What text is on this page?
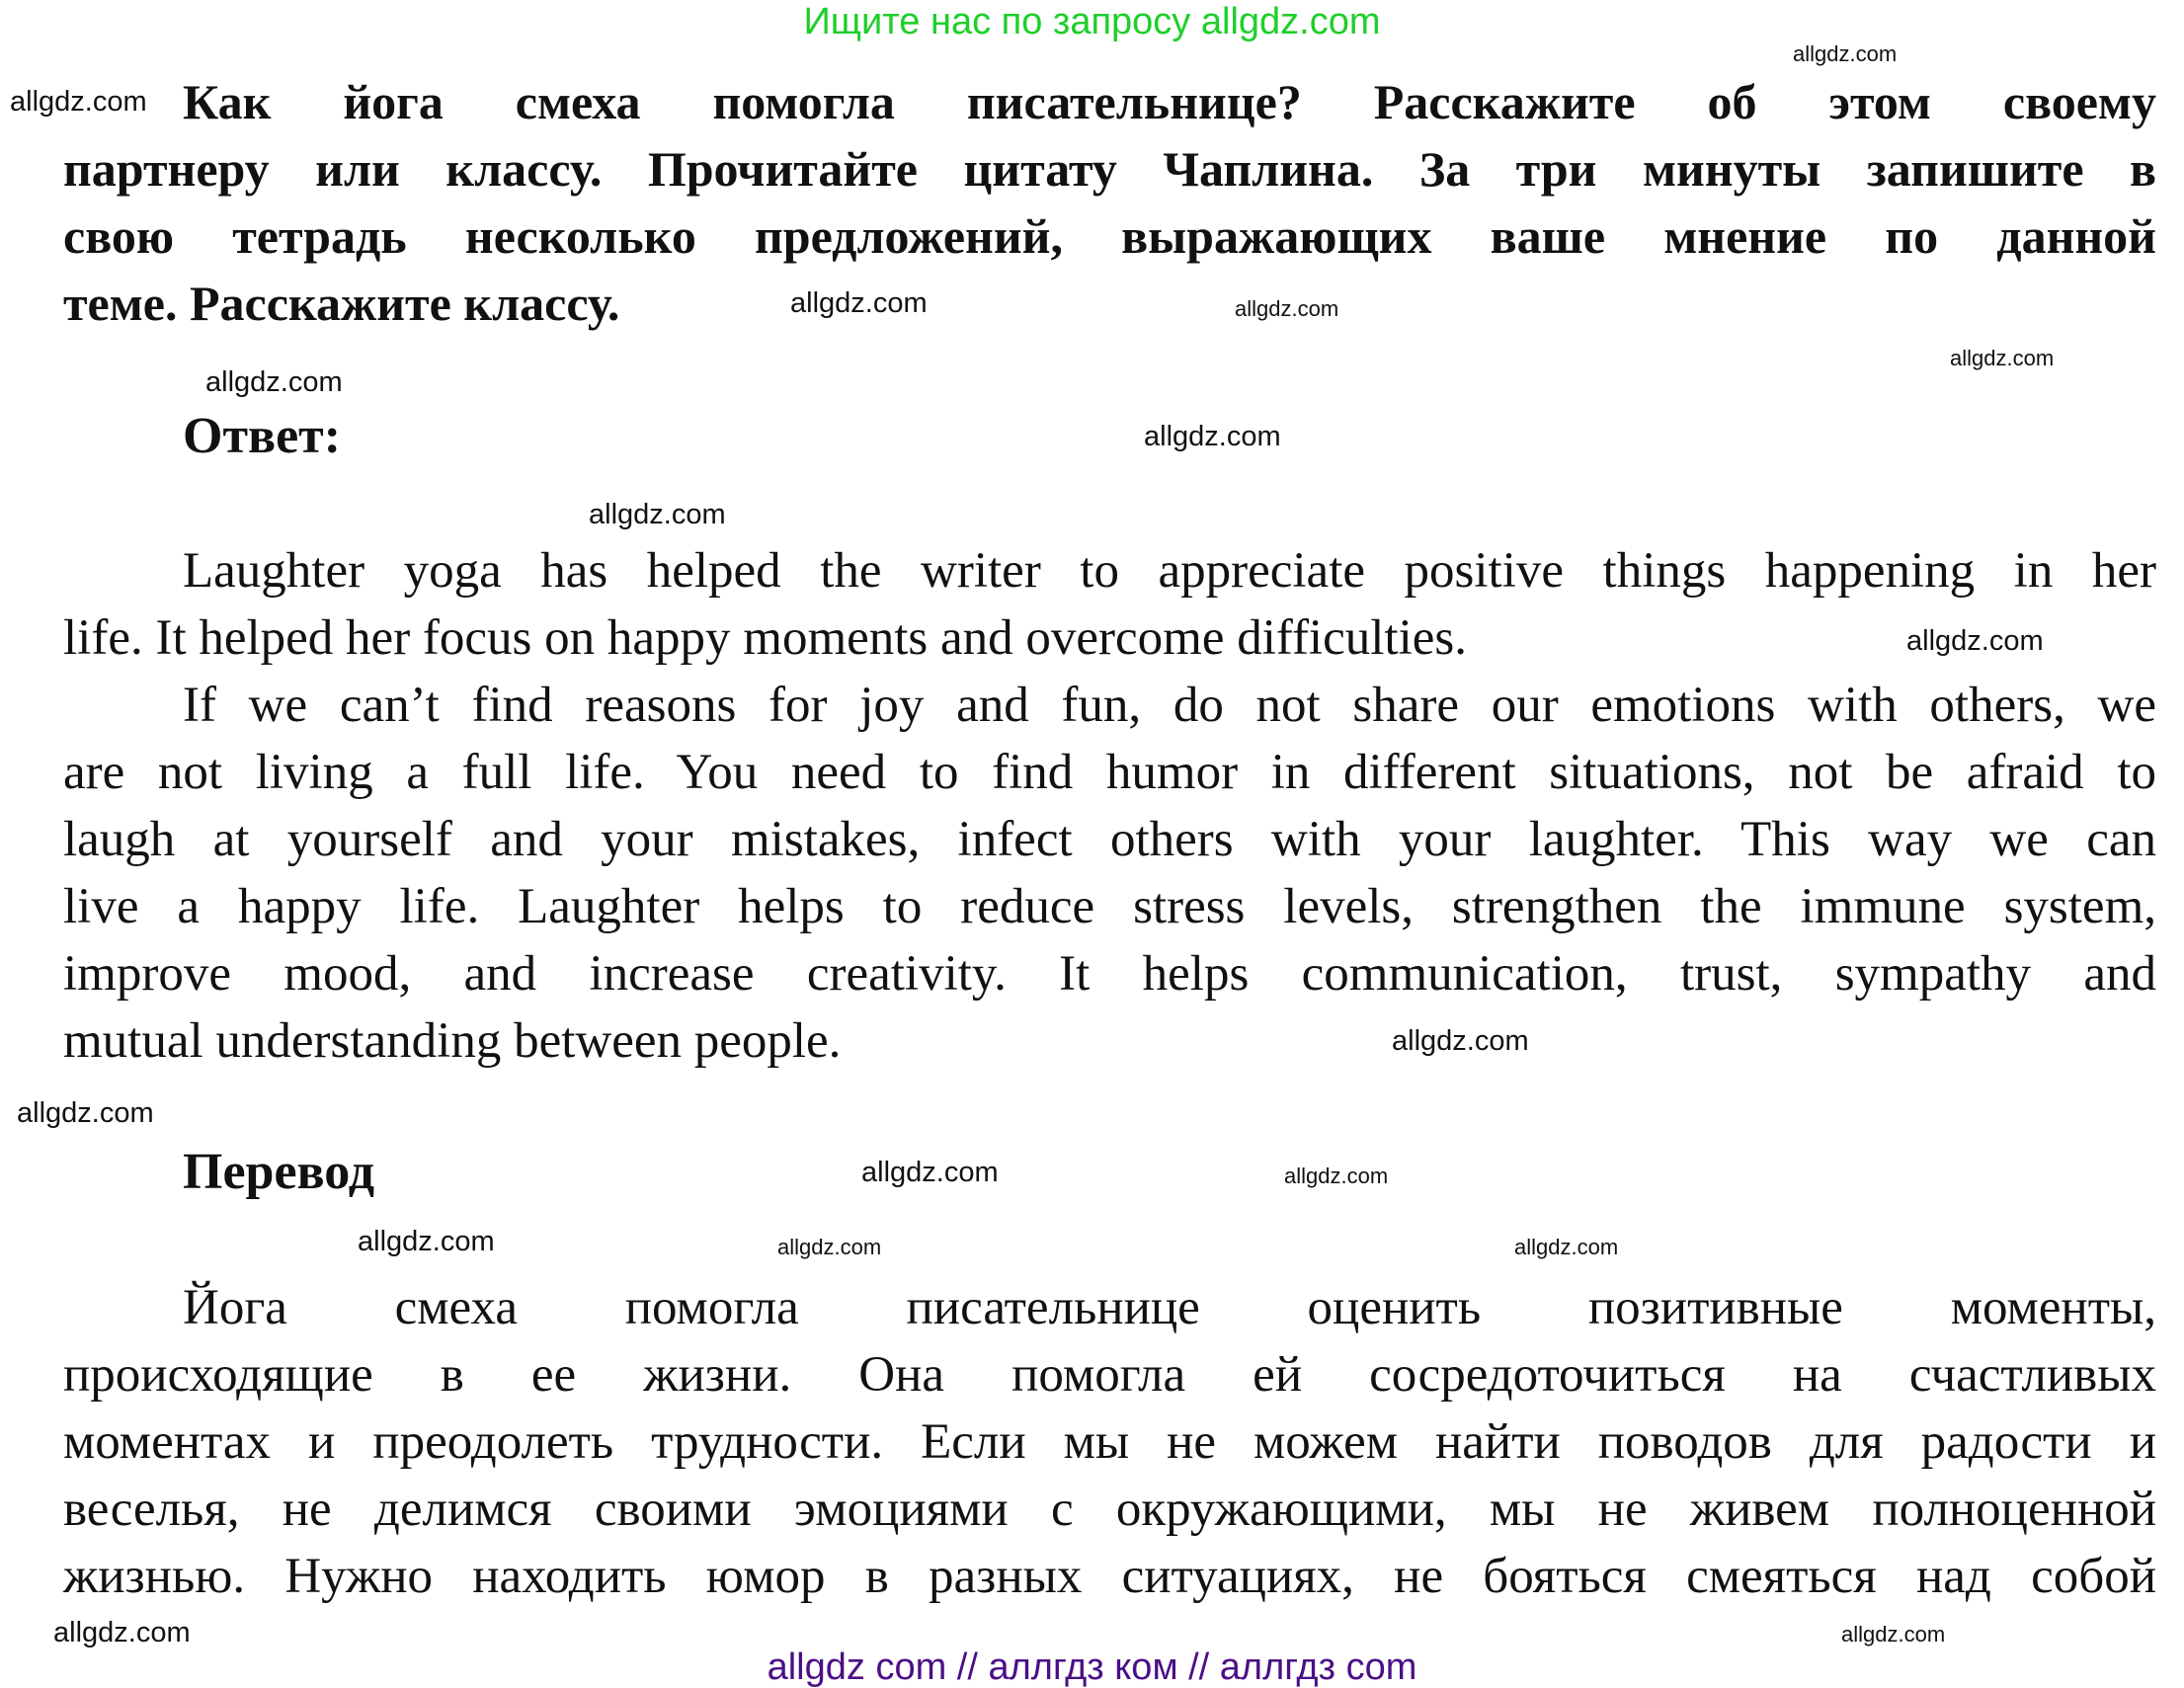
Ищите нас по запросу allgdz.com
Как йога смеха помогла писательнице? Расскажите об этом своему
партнеру или классу. Прочитайте цитату Чаплина. За три минуты запишите в
свою тетрадь несколько предложений, выражающих ваше мнение по данной
теме. Расскажите классу.
Ответ:
Laughter yoga has helped the writer to appreciate positive things happening in her
life. It helped her focus on happy moments and overcome difficulties.
If we can’t find reasons for joy and fun, do not share our emotions with others, we
are not living a full life. You need to find humor in different situations, not be afraid to
laugh at yourself and your mistakes, infect others with your laughter. This way we can
live a happy life. Laughter helps to reduce stress levels, strengthen the immune system,
improve mood, and increase creativity. It helps communication, trust, sympathy and
mutual understanding between people.
Перевод
Йога смеха помогла писательнице оценить позитивные моменты,
происходящие в ее жизни. Она помогла ей сосредоточиться на счастливых
моментах и преодолеть трудности. Если мы не можем найти поводов для радости и
веселья, не делимся своими эмоциями с окружающими, мы не живем полноценной
жизнью. Нужно находить юмор в разных ситуациях, не бояться смеяться над собой
allgdz.com
allgdz.com
allgdz.com
allgdz.com
allgdz.com
allgdz.com
allgdz.com
allgdz.com
allgdz.com
allgdz.com
allgdz.com
allgdz.com
allgdz.com
allgdz.com
allgdz.com
allgdz.com	allgdz.com
allgdz.com
allgdz com // аллгдз ком // аллгдз com
